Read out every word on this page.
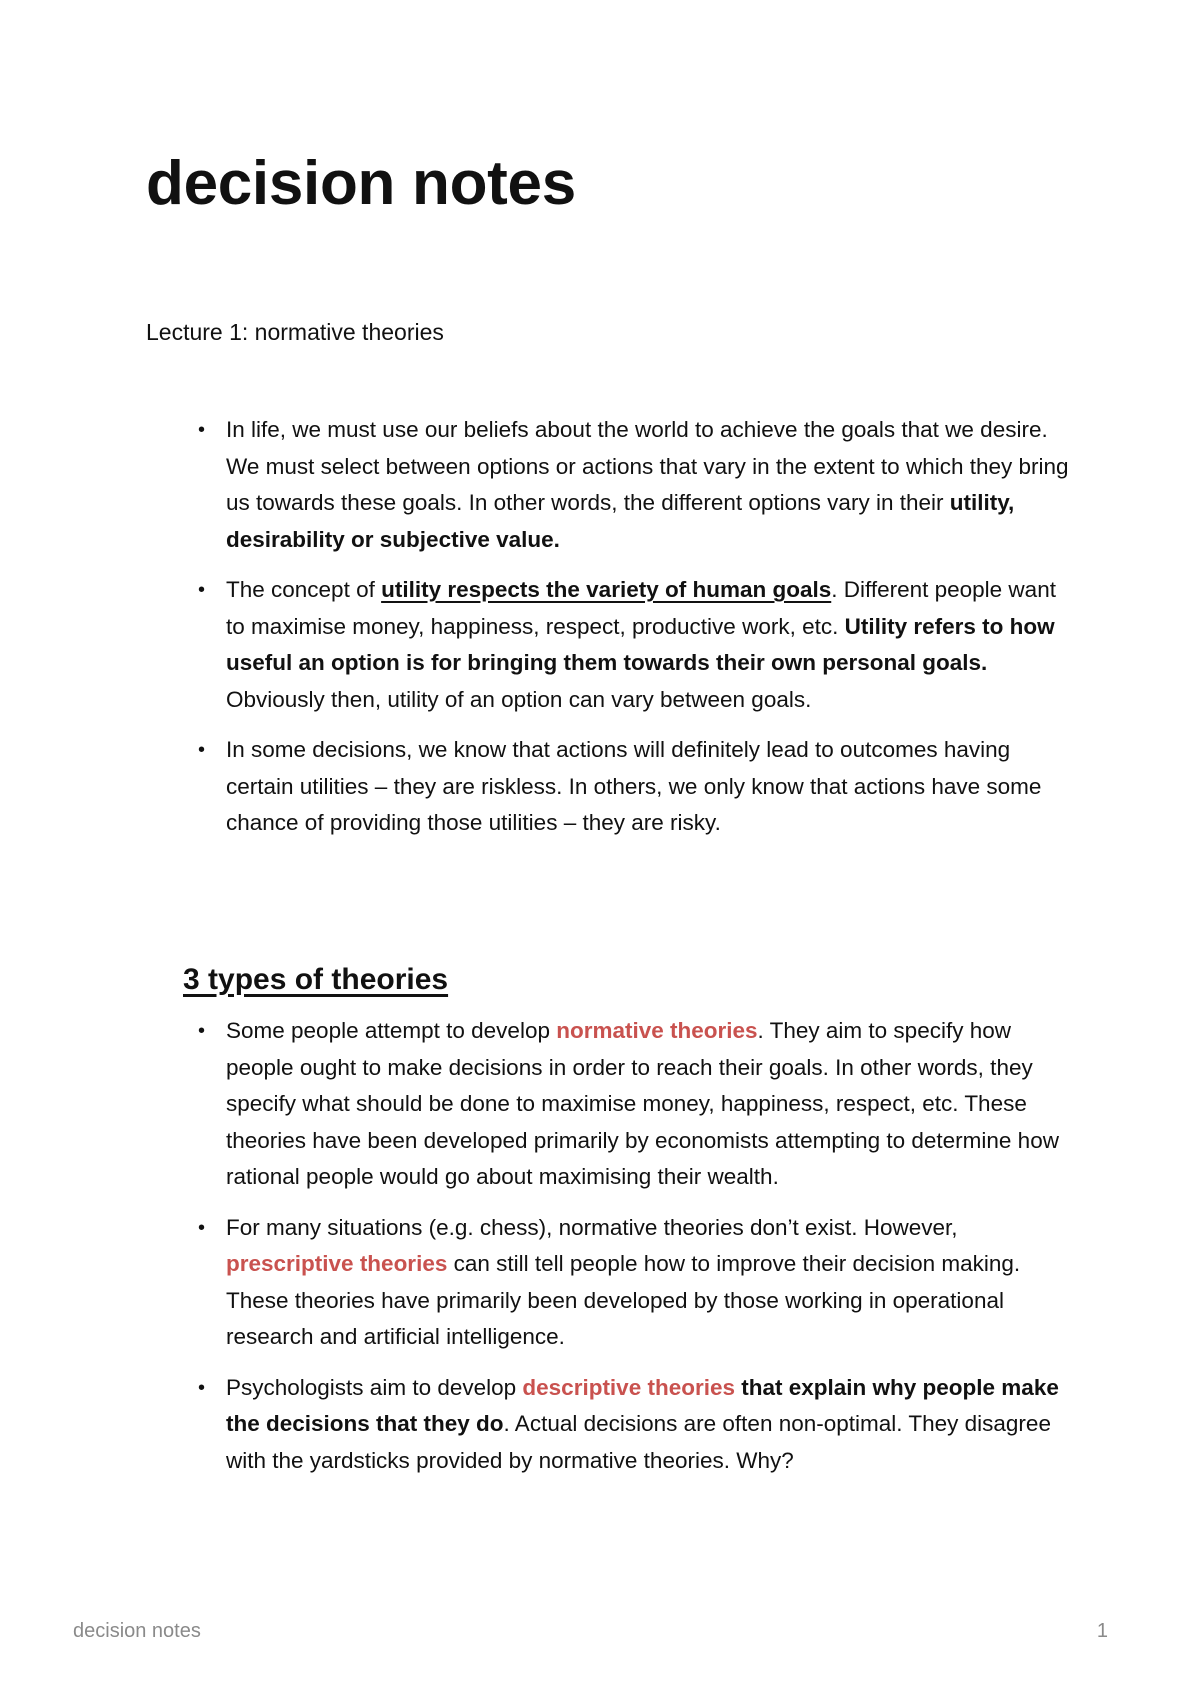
decision notes

Lecture 1: normative theories

• In life, we must use our beliefs about the world to achieve the goals that we desire. We must select between options or actions that vary in the extent to which they bring us towards these goals. In other words, the different options vary in their utility, desirability or subjective value.
• The concept of utility respects the variety of human goals. Different people want to maximise money, happiness, respect, productive work, etc. Utility refers to how useful an option is for bringing them towards their own personal goals. Obviously then, utility of an option can vary between goals.
• In some decisions, we know that actions will definitely lead to outcomes having certain utilities – they are riskless. In others, we only know that actions have some chance of providing those utilities – they are risky.
3 types of theories
• Some people attempt to develop normative theories. They aim to specify how people ought to make decisions in order to reach their goals. In other words, they specify what should be done to maximise money, happiness, respect, etc. These theories have been developed primarily by economists attempting to determine how rational people would go about maximising their wealth.
• For many situations (e.g. chess), normative theories don’t exist. However, prescriptive theories can still tell people how to improve their decision making. These theories have primarily been developed by those working in operational research and artificial intelligence.
• Psychologists aim to develop descriptive theories that explain why people make the decisions that they do. Actual decisions are often non-optimal. They disagree with the yardsticks provided by normative theories. Why?
decision notes	1
